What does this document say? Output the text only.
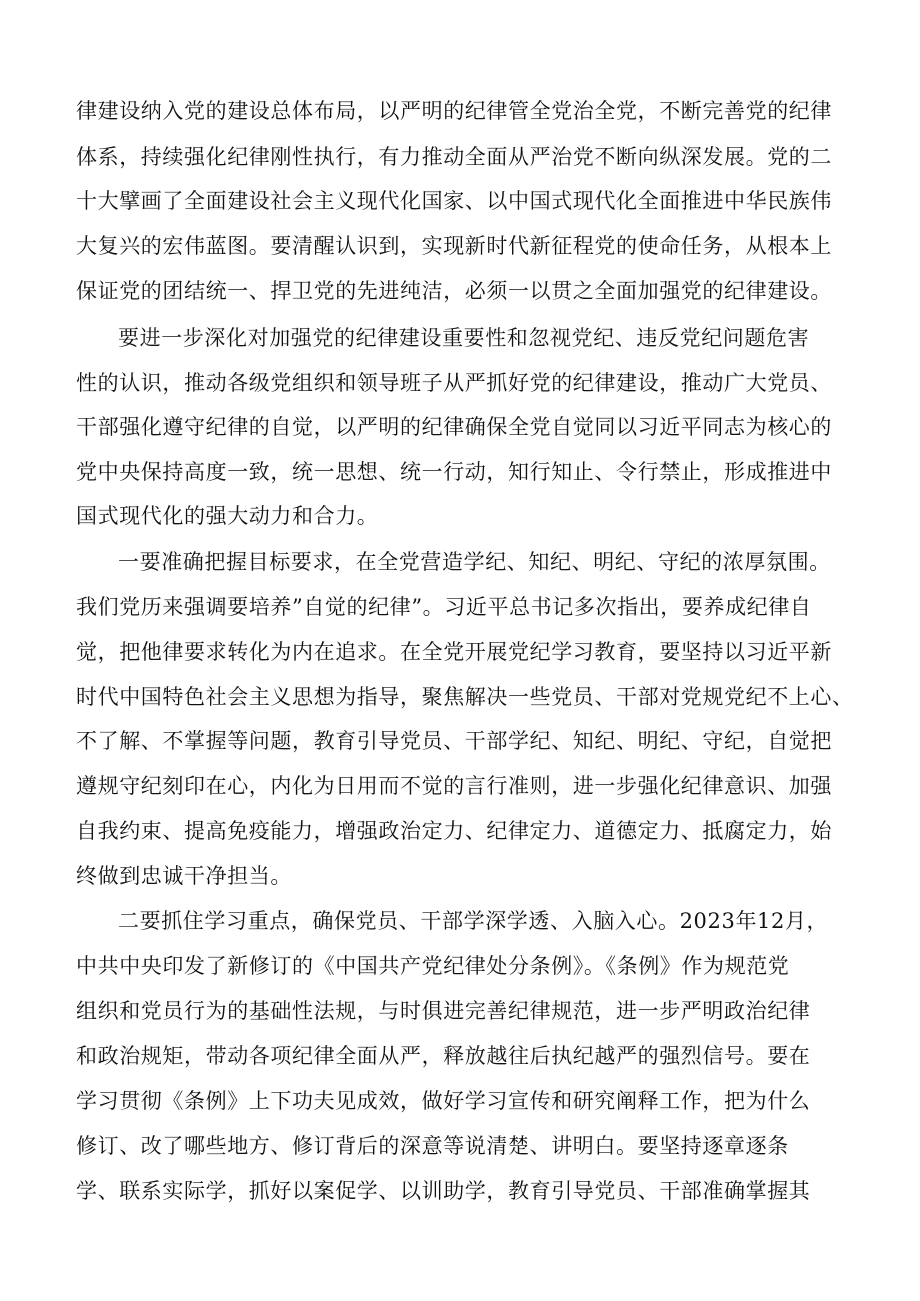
律建设纳入党的建设总体布局，以严明的纪律管全党治全党，不断完善党的纪律
体系，持续强化纪律刚性执行，有力推动全面从严治党不断向纵深发展。党的二
十大擘画了全面建设社会主义现代化国家、以中国式现代化全面推进中华民族伟
大复兴的宏伟蓝图。要清醒认识到，实现新时代新征程党的使命任务，从根本上
保证党的团结统一、捍卫党的先进纯洁，必须一以贯之全面加强党的纪律建设。
要进一步深化对加强党的纪律建设重要性和忽视党纪、违反党纪问题危害
性的认识，推动各级党组织和领导班子从严抓好党的纪律建设，推动广大党员、
干部强化遵守纪律的自觉，以严明的纪律确保全党自觉同以习近平同志为核心的
党中央保持高度一致，统一思想、统一行动，知行知止、令行禁止，形成推进中
国式现代化的强大动力和合力。
一要准确把握目标要求，在全党营造学纪、知纪、明纪、守纪的浓厚氛围。
我们党历来强调要培养”自觉的纪律”。习近平总书记多次指出，要养成纪律自
觉，把他律要求转化为内在追求。在全党开展党纪学习教育，要坚持以习近平新
时代中国特色社会主义思想为指导，聚焦解决一些党员、干部对党规党纪不上心、
不了解、不掌握等问题，教育引导党员、干部学纪、知纪、明纪、守纪，自觉把
遵规守纪刻印在心，内化为日用而不觉的言行准则，进一步强化纪律意识、加强
自我约束、提高免疫能力，增强政治定力、纪律定力、道德定力、抵腐定力，始
终做到忠诚干净担当。
二要抓住学习重点，确保党员、干部学深学透、入脑入心。2023年12月，
中共中央印发了新修订的《中国共产党纪律处分条例》。《条例》作为规范党
组织和党员行为的基础性法规，与时俱进完善纪律规范，进一步严明政治纪律
和政治规矩，带动各项纪律全面从严，释放越往后执纪越严的强烈信号。要在
学习贯彻《条例》上下功夫见成效，做好学习宣传和研究阐释工作，把为什么
修订、改了哪些地方、修订背后的深意等说清楚、讲明白。要坚持逐章逐条
学、联系实际学，抓好以案促学、以训助学，教育引导党员、干部准确掌握其
